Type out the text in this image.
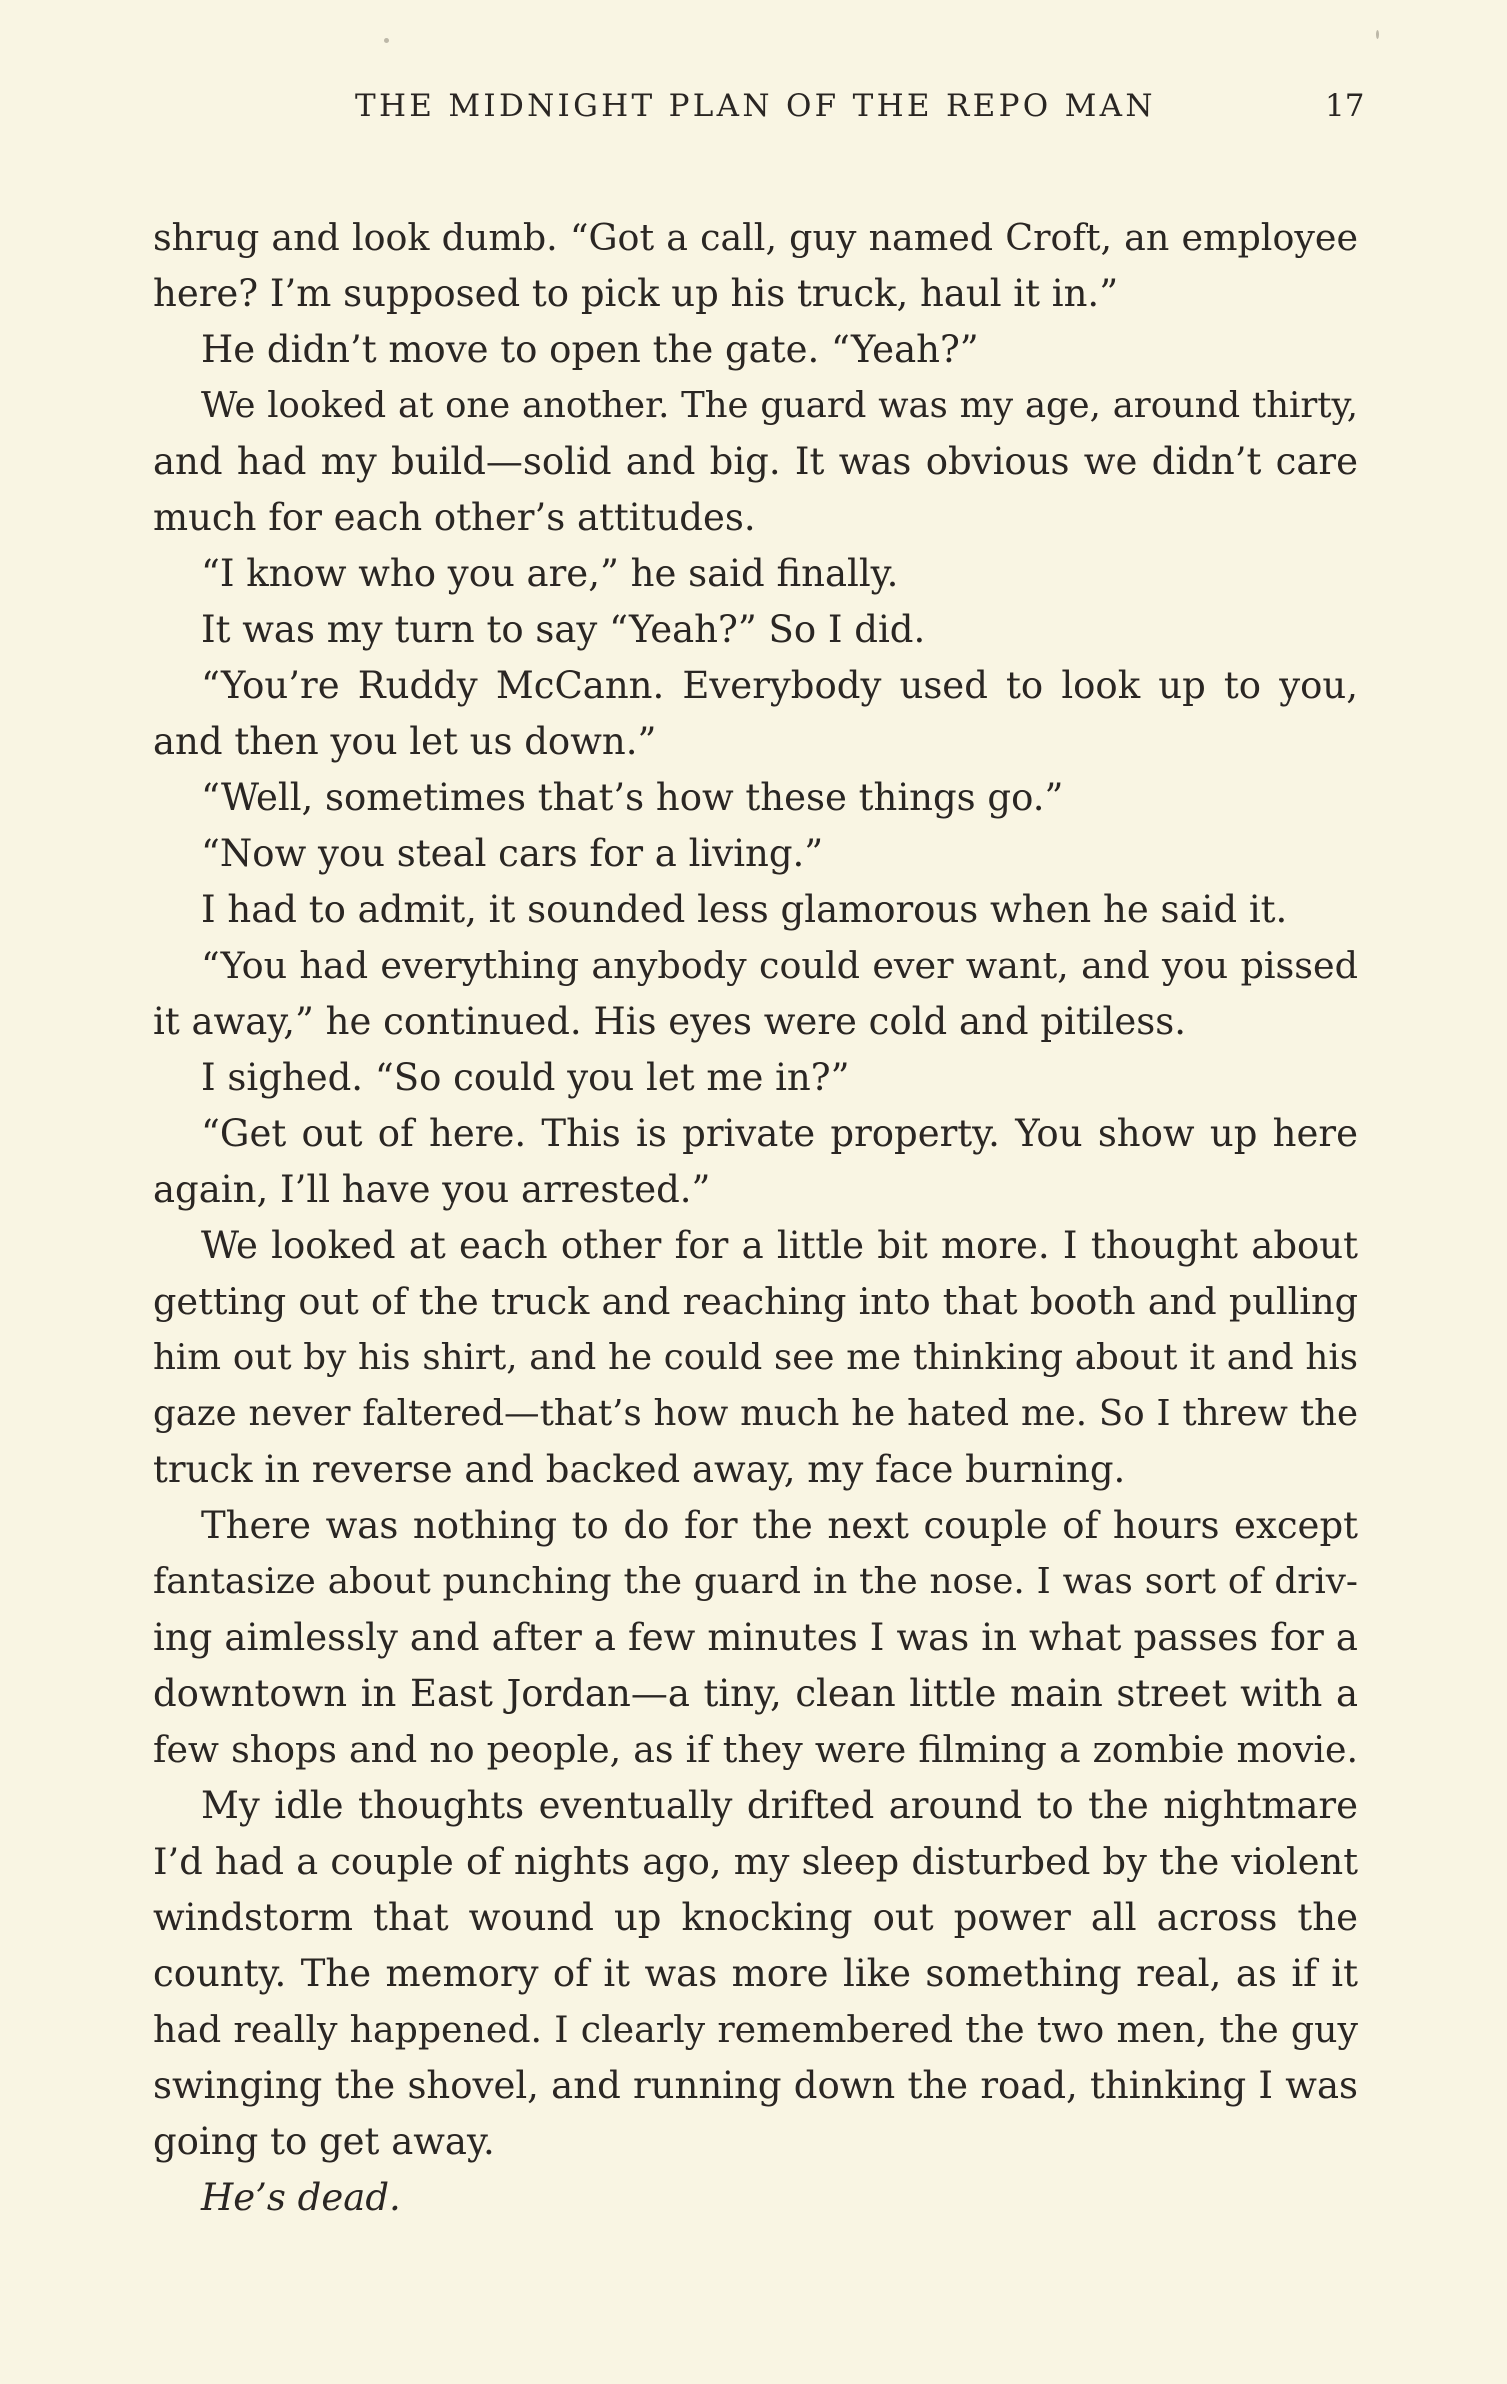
THE MIDNIGHT PLAN OF THE REPO MAN	17
shrug and look dumb. “Got a call, guy named Croft, an employee
here? I’m supposed to pick up his truck, haul it in.”
He didn’t move to open the gate. “Yeah?”
We looked at one another. The guard was my age, around thirty,
and had my build—solid and big. It was obvious we didn’t care
much for each other’s attitudes.
“I know who you are,” he said finally.
It was my turn to say “Yeah?” So I did.
“You’re Ruddy McCann. Everybody used to look up to you,
and then you let us down.”
“Well, sometimes that’s how these things go.”
“Now you steal cars for a living.”
I had to admit, it sounded less glamorous when he said it.
“You had everything anybody could ever want, and you pissed
it away,” he continued. His eyes were cold and pitiless.
I sighed. “So could you let me in?”
“Get out of here. This is private property. You show up here
again, I’ll have you arrested.”
We looked at each other for a little bit more. I thought about
getting out of the truck and reaching into that booth and pulling
him out by his shirt, and he could see me thinking about it and his
gaze never faltered—that’s how much he hated me. So I threw the
truck in reverse and backed away, my face burning.
There was nothing to do for the next couple of hours except
fantasize about punching the guard in the nose. I was sort of driv-
ing aimlessly and after a few minutes I was in what passes for a
downtown in East Jordan—a tiny, clean little main street with a
few shops and no people, as if they were filming a zombie movie.
My idle thoughts eventually drifted around to the nightmare
I’d had a couple of nights ago, my sleep disturbed by the violent
windstorm that wound up knocking out power all across the
county. The memory of it was more like something real, as if it
had really happened. I clearly remembered the two men, the guy
swinging the shovel, and running down the road, thinking I was
going to get away.
He’s dead.
